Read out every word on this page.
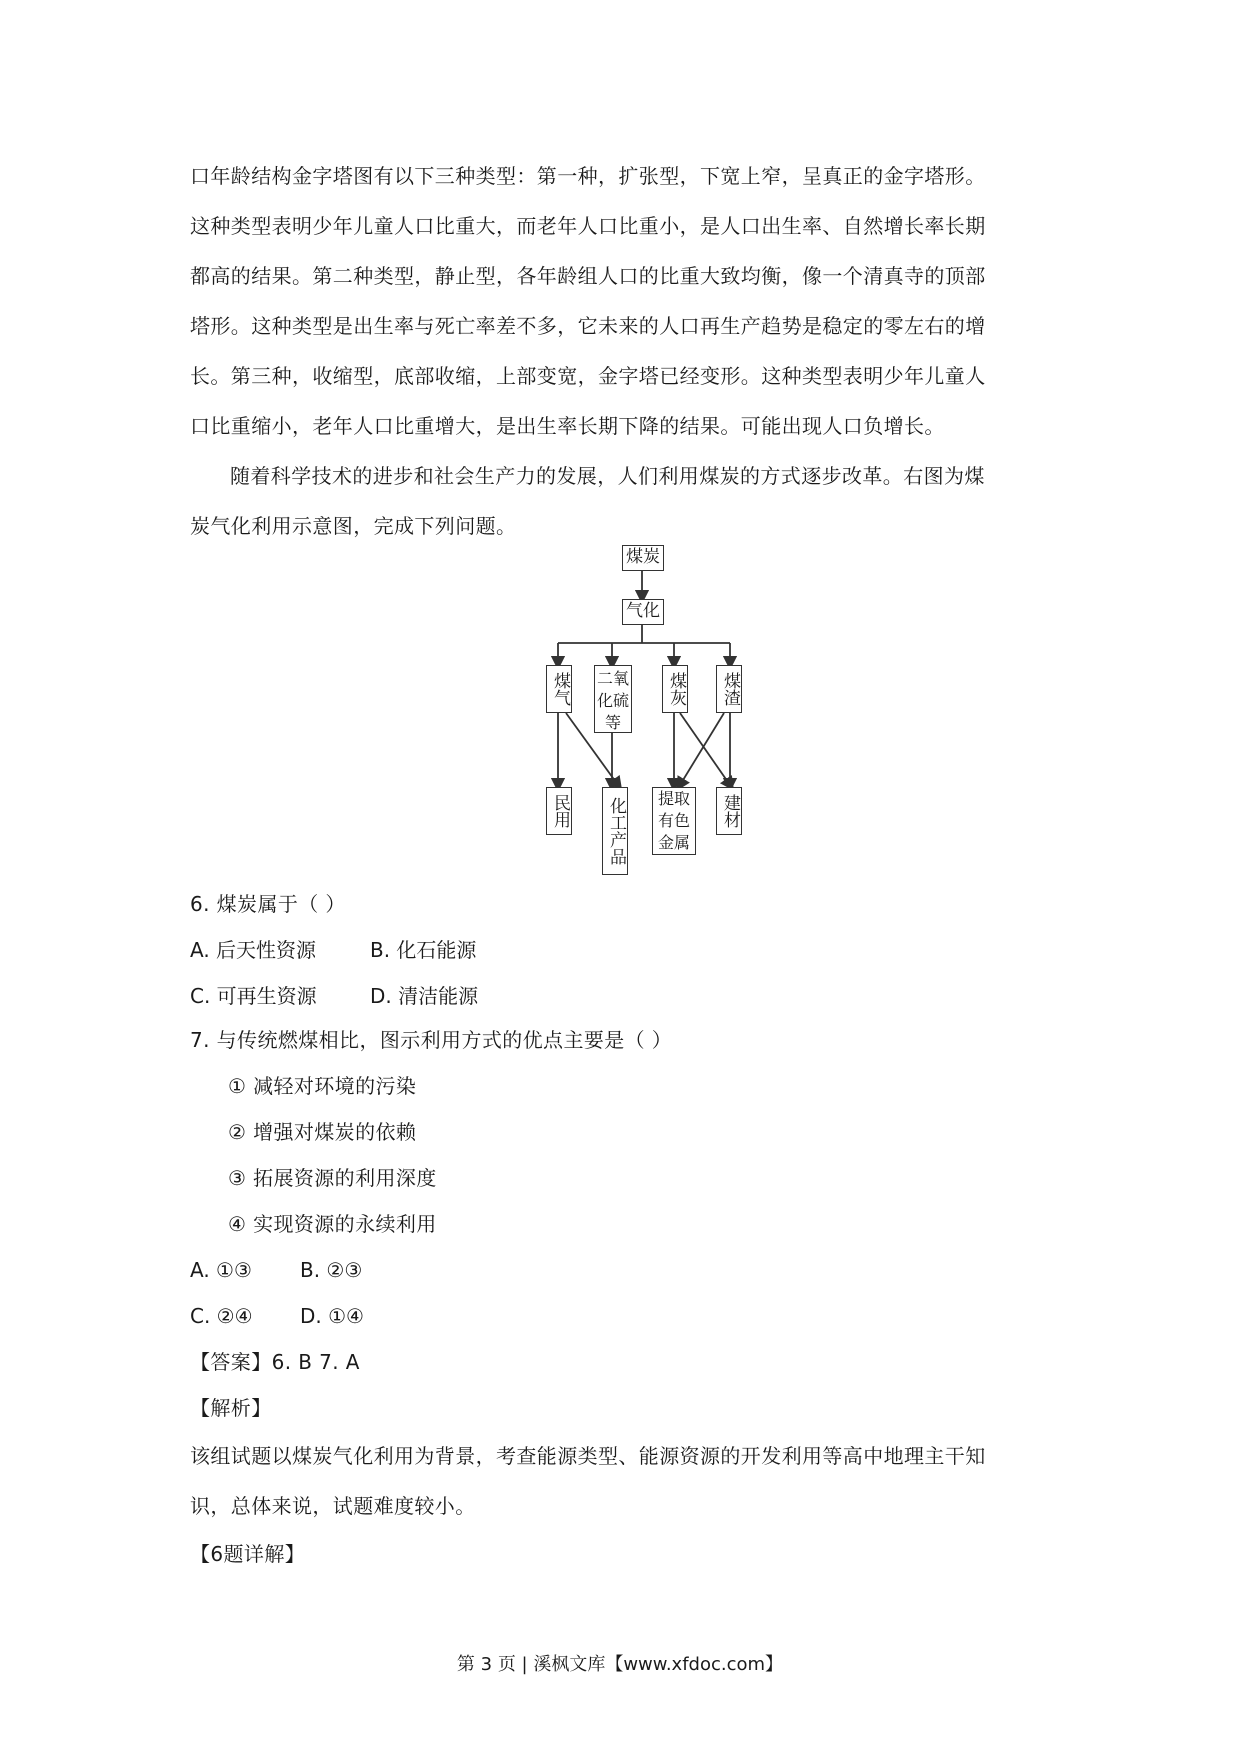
口年龄结构金字塔图有以下三种类型：第一种，扩张型，下宽上窄，呈真正的金字塔形。
这种类型表明少年儿童人口比重大，而老年人口比重小，是人口出生率、自然增长率长期
都高的结果。第二种类型，静止型，各年龄组人口的比重大致均衡，像一个清真寺的顶部
塔形。这种类型是出生率与死亡率差不多，它未来的人口再生产趋势是稳定的零左右的增
长。第三种，收缩型，底部收缩，上部变宽，金字塔已经变形。这种类型表明少年儿童人
口比重缩小，老年人口比重增大，是出生率长期下降的结果。可能出现人口负增长。
随着科学技术的进步和社会生产力的发展，人们利用煤炭的方式逐步改革。右图为煤
炭气化利用示意图，完成下列问题。
煤炭
气化
煤气 二氧
化硫
等
煤灰 煤渣
民用 化工产品	提取
有色
金属
建材
6. 煤炭属于（ ）
A. 后天性资源	B. 化石能源
C. 可再生资源	D. 清洁能源
7. 与传统燃煤相比，图示利用方式的优点主要是（ ）
① 减轻对环境的污染
② 增强对煤炭的依赖
③ 拓展资源的利用深度
④ 实现资源的永续利用
A. ①③ B. ②③
C. ②④ D. ①④
【答案】6. B 7. A
【解析】
该组试题以煤炭气化利用为背景，考查能源类型、能源资源的开发利用等高中地理主干知
识，总体来说，试题难度较小。
【6题详解】
第 3 页 | 溪枫文库【www.xfdoc.com】
